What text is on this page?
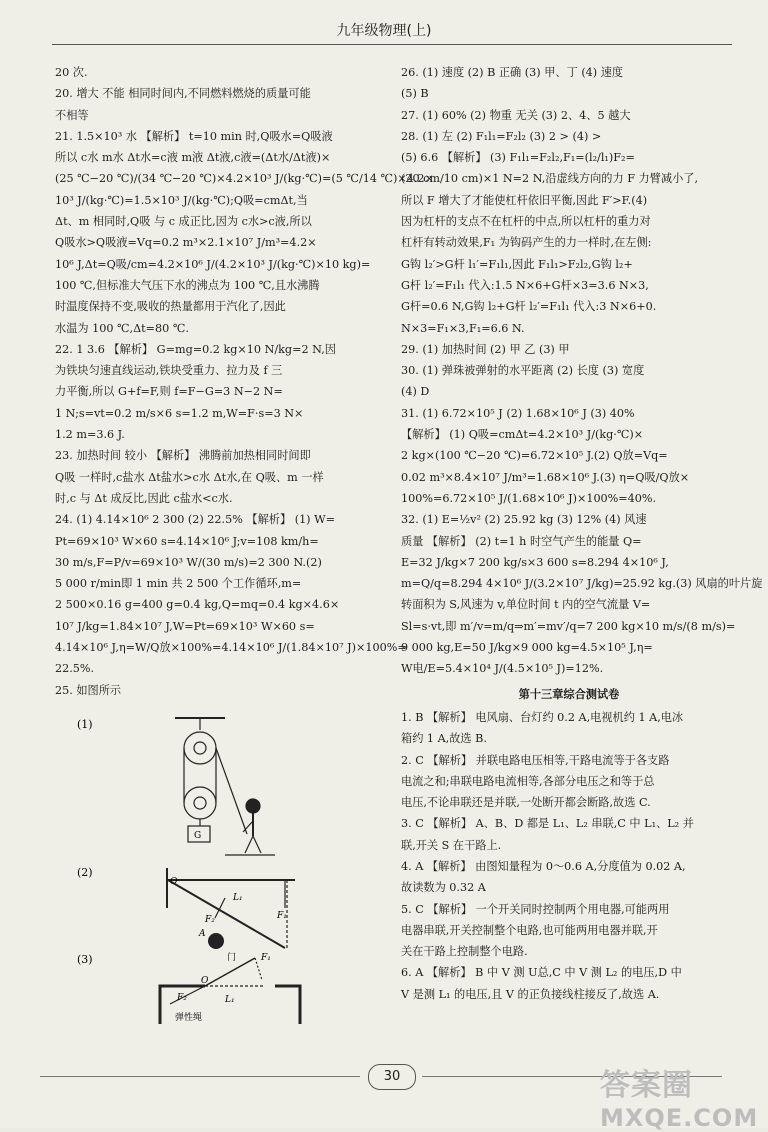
九年级物理(上)
20 次.
20. 增大 不能 相同时间内,不同燃料燃烧的质量可能
不相等
21. 1.5×10³ 水 【解析】 t=10 min 时,Q吸水=Q吸液
所以 c水 m水 Δt水=c液 m液 Δt液,c液=(Δt水/Δt液)×
(25 ℃−20 ℃)/(34 ℃−20 ℃)×4.2×10³ J/(kg·℃)=(5 ℃/14 ℃)×4.2×
10³ J/(kg·℃)=1.5×10³ J/(kg·℃);Q吸=cmΔt,当
Δt、m 相同时,Q吸 与 c 成正比,因为 c水>c液,所以
Q吸水>Q吸液=Vq=0.2 m³×2.1×10⁷ J/m³=4.2×
10⁶ J,Δt=Q吸/cm=4.2×10⁶ J/(4.2×10³ J/(kg·℃)×10 kg)=
100 ℃,但标准大气压下水的沸点为 100 ℃,且水沸腾
时温度保持不变,吸收的热量都用于汽化了,因此
水温为 100 ℃,Δt=80 ℃.
22. 1 3.6 【解析】 G=mg=0.2 kg×10 N/kg=2 N,因
为铁块匀速直线运动,铁块受重力、拉力及 f 三
力平衡,所以 G+f=F,则 f=F−G=3 N−2 N=
1 N;s=vt=0.2 m/s×6 s=1.2 m,W=F·s=3 N×
1.2 m=3.6 J.
23. 加热时间 较小 【解析】 沸腾前加热相同时间即
Q吸 一样时,c盐水 Δt盐水>c水 Δt水,在 Q吸、m 一样
时,c 与 Δt 成反比,因此 c盐水<c水.
24. (1) 4.14×10⁶ 2 300 (2) 22.5% 【解析】 (1) W=
Pt=69×10³ W×60 s=4.14×10⁶ J;v=108 km/h=
30 m/s,F=P/v=69×10³ W/(30 m/s)=2 300 N.(2)
5 000 r/min即 1 min 共 2 500 个工作循环,m=
2 500×0.16 g=400 g=0.4 kg,Q=mq=0.4 kg×4.6×
10⁷ J/kg=1.84×10⁷ J,W=Pt=69×10³ W×60 s=
4.14×10⁶ J,η=W/Q放×100%=4.14×10⁶ J/(1.84×10⁷ J)×100%=
22.5%.
25. 如图所示
(1)
G
(2)
O
L₁
F₁
F₂
A
(3)
O
门	F₁
F₂	L₁
弹性绳
26. (1) 速度 (2) B 正确 (3) 甲、丁 (4) 速度
(5) B
27. (1) 60% (2) 物重 无关 (3) 2、4、5 越大
28. (1) 左 (2) F₁l₁=F₂l₂ (3) 2 > (4) >
(5) 6.6 【解析】 (3) F₁l₁=F₂l₂,F₁=(l₂/l₁)F₂=
(20 cm/10 cm)×1 N=2 N,沿虚线方向的力 F 力臂减小了,
所以 F 增大了才能使杠杆依旧平衡,因此 F′>F.(4)
因为杠杆的支点不在杠杆的中点,所以杠杆的重力对
杠杆有转动效果,F₁ 为钩码产生的力一样时,在左侧:
G钩 l₂′>G杆 l₁′=F₁l₁,因此 F₁l₁>F₂l₂,G钩 l₂+
G杆 l₂′=F₁l₁ 代入:1.5 N×6+G杆×3=3.6 N×3,
G杆=0.6 N,G钩 l₂+G杆 l₂′=F₁l₁ 代入:3 N×6+0.
N×3=F₁×3,F₁=6.6 N.
29. (1) 加热时间 (2) 甲 乙 (3) 甲
30. (1) 弹珠被弹射的水平距离 (2) 长度 (3) 宽度
(4) D
31. (1) 6.72×10⁵ J (2) 1.68×10⁶ J (3) 40%
【解析】 (1) Q吸=cmΔt=4.2×10³ J/(kg·℃)×
2 kg×(100 ℃−20 ℃)=6.72×10⁵ J.(2) Q放=Vq=
0.02 m³×8.4×10⁷ J/m³=1.68×10⁶ J.(3) η=Q吸/Q放×
100%=6.72×10⁵ J/(1.68×10⁶ J)×100%=40%.
32. (1) E=½v² (2) 25.92 kg (3) 12% (4) 风速
质量 【解析】 (2) t=1 h 时空气产生的能量 Q=
E=32 J/kg×7 200 kg/s×3 600 s=8.294 4×10⁶ J,
m=Q/q=8.294 4×10⁶ J/(3.2×10⁷ J/kg)=25.92 kg.(3) 风扇的叶片旋
转面积为 S,风速为 v,单位时间 t 内的空气流量 V=
Sl=s·vt,即 m′/v=m/q⇒m′=mv′/q=7 200 kg×10 m/s/(8 m/s)=
9 000 kg,E=50 J/kg×9 000 kg=4.5×10⁵ J,η=
W电/E=5.4×10⁴ J/(4.5×10⁵ J)=12%.
第十三章综合测试卷
1. B 【解析】 电风扇、台灯约 0.2 A,电视机约 1 A,电冰
箱约 1 A,故选 B.
2. C 【解析】 并联电路电压相等,干路电流等于各支路
电流之和;串联电路电流相等,各部分电压之和等于总
电压,不论串联还是并联,一处断开都会断路,故选 C.
3. C 【解析】 A、B、D 都是 L₁、L₂ 串联,C 中 L₁、L₂ 并
联,开关 S 在干路上.
4. A 【解析】 由图知量程为 0～0.6 A,分度值为 0.02 A,
故读数为 0.32 A
5. C 【解析】 一个开关同时控制两个用电器,可能两用
电器串联,开关控制整个电路,也可能两用电器并联,开
关在干路上控制整个电路.
6. A 【解析】 B 中 V 测 U总,C 中 V 测 L₂ 的电压,D 中
V 是测 L₁ 的电压,且 V 的正负接线柱接反了,故选 A.
30	答案圈
MXQE.COM
